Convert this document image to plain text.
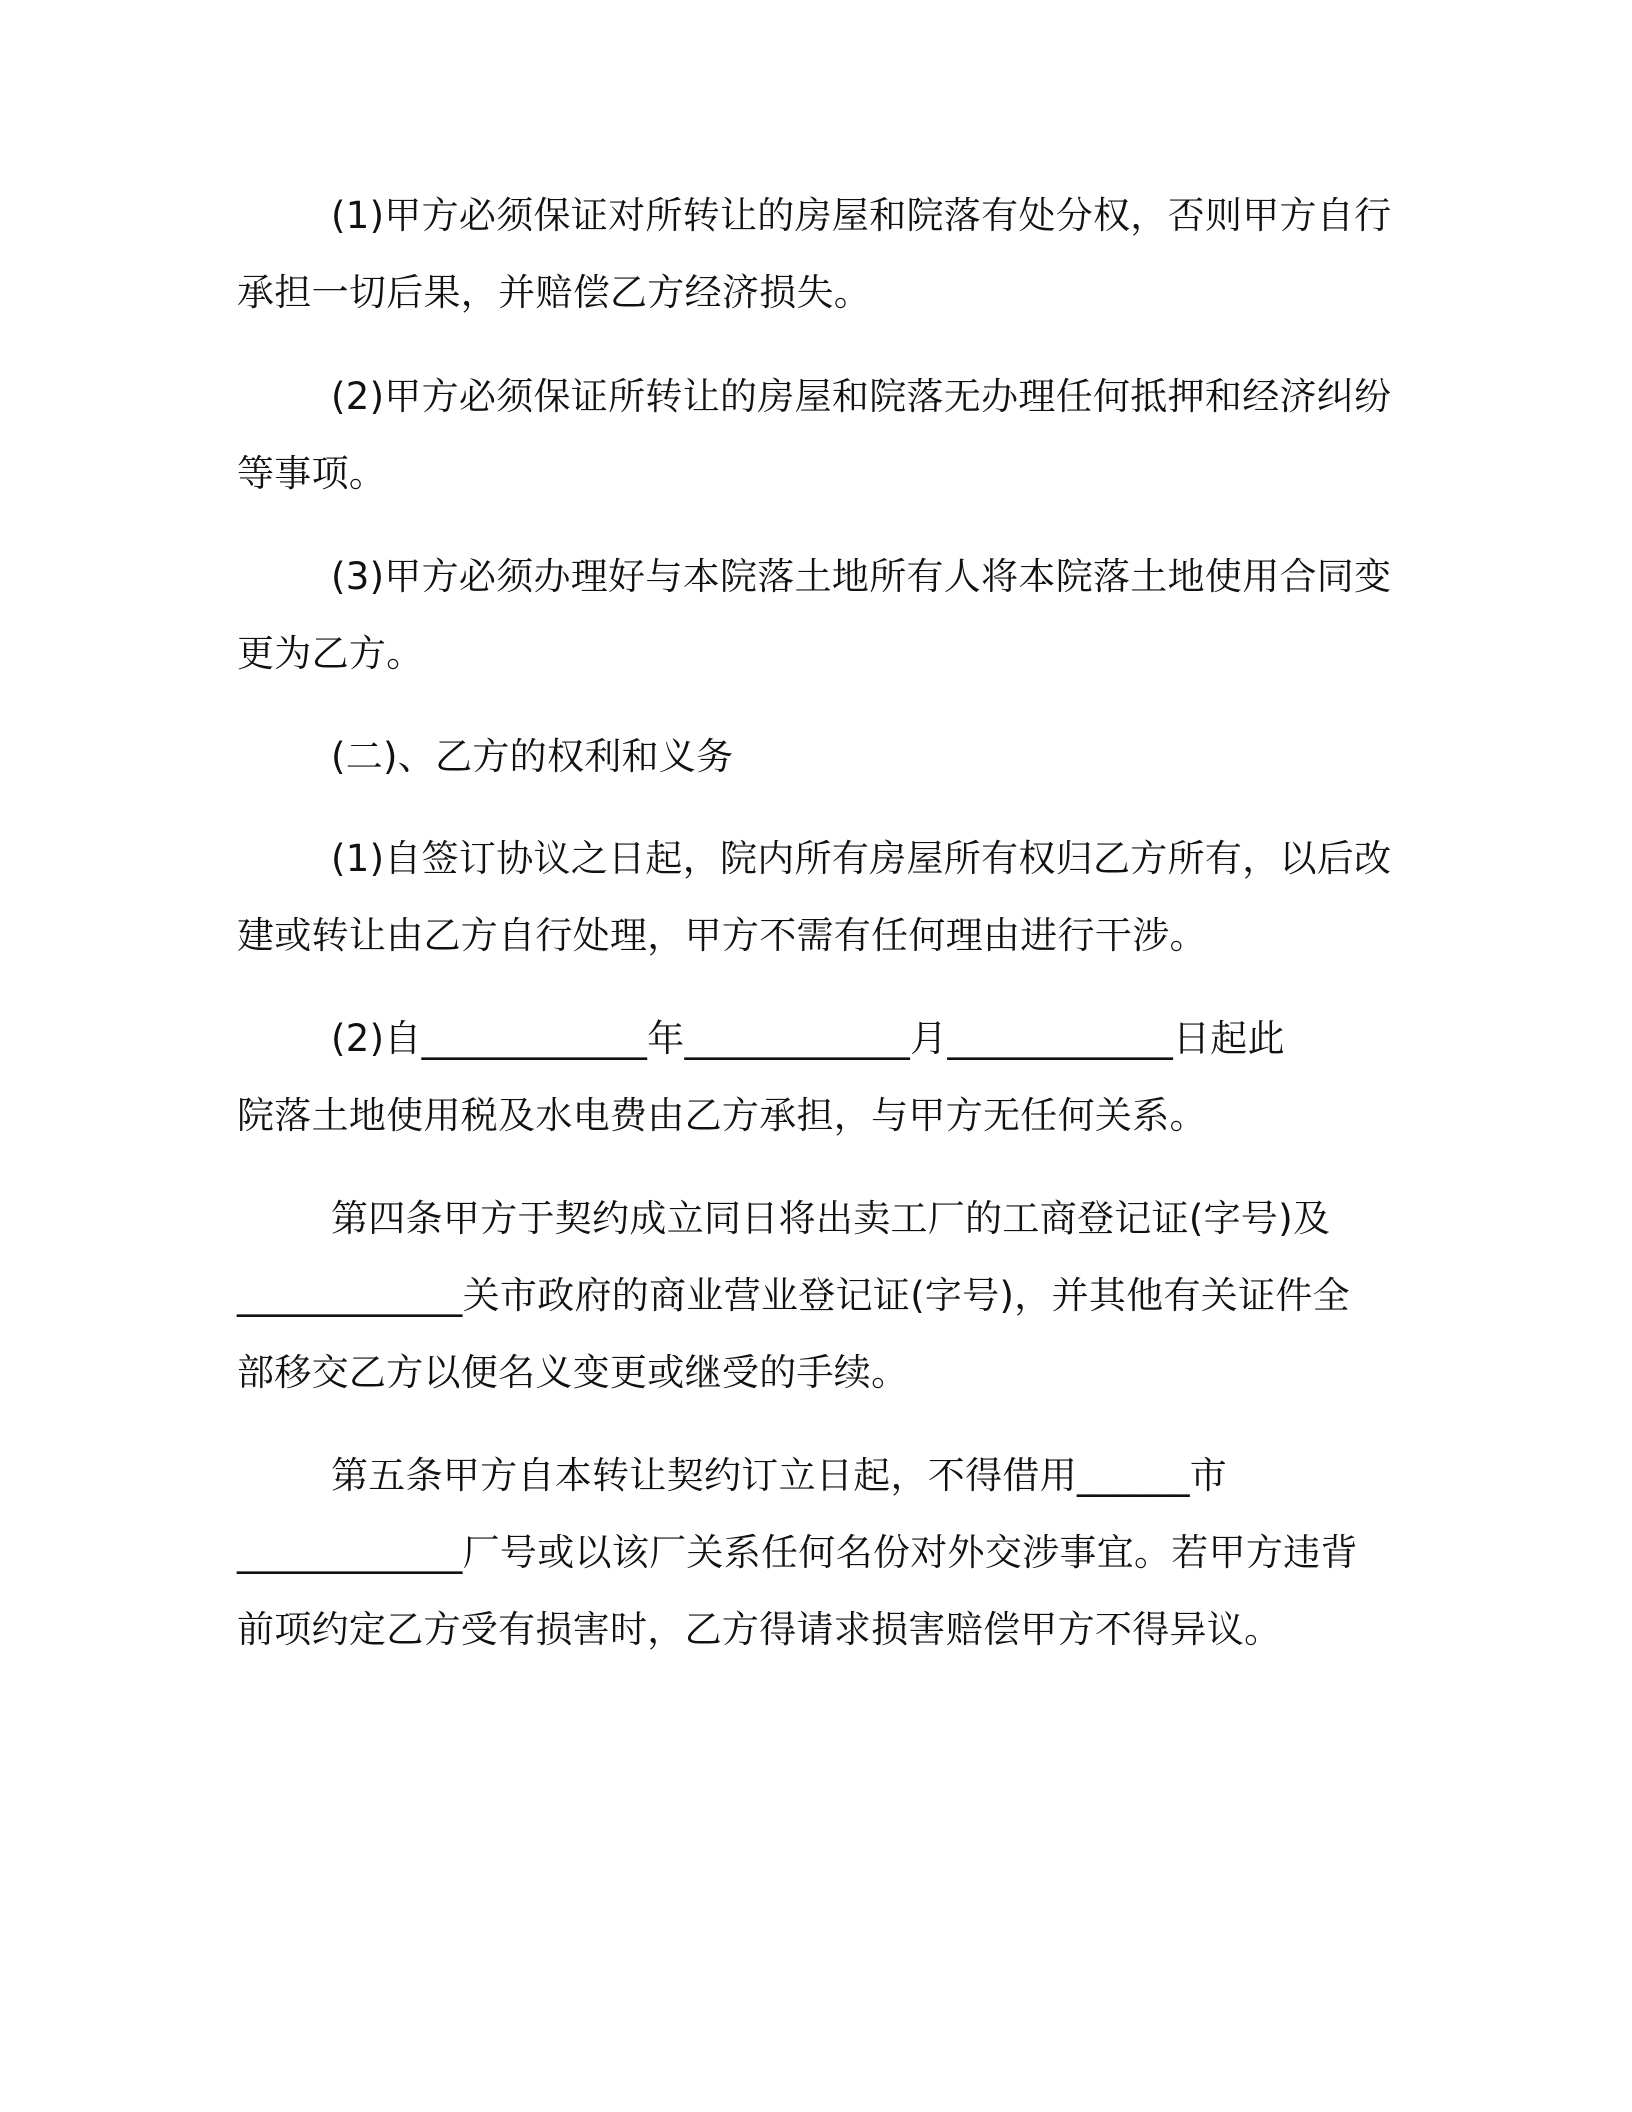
(1)甲方必须保证对所转让的房屋和院落有处分权，否则甲方自行

承担一切后果，并赔偿乙方经济损失。

(2)甲方必须保证所转让的房屋和院落无办理任何抵押和经济纠纷

等事项。

(3)甲方必须办理好与本院落土地所有人将本院落土地使用合同变

更为乙方。

(二)、乙方的权利和义务

(1)自签订协议之日起，院内所有房屋所有权归乙方所有，以后改

建或转让由乙方自行处理，甲方不需有任何理由进行干涉。

(2)自____________年____________月____________日起此

院落土地使用税及水电费由乙方承担，与甲方无任何关系。

第四条甲方于契约成立同日将出卖工厂的工商登记证(字号)及

____________关市政府的商业营业登记证(字号)，并其他有关证件全

部移交乙方以便名义变更或继受的手续。

第五条甲方自本转让契约订立日起，不得借用______市

____________厂号或以该厂关系任何名份对外交涉事宜。若甲方违背

前项约定乙方受有损害时，乙方得请求损害赔偿甲方不得异议。
